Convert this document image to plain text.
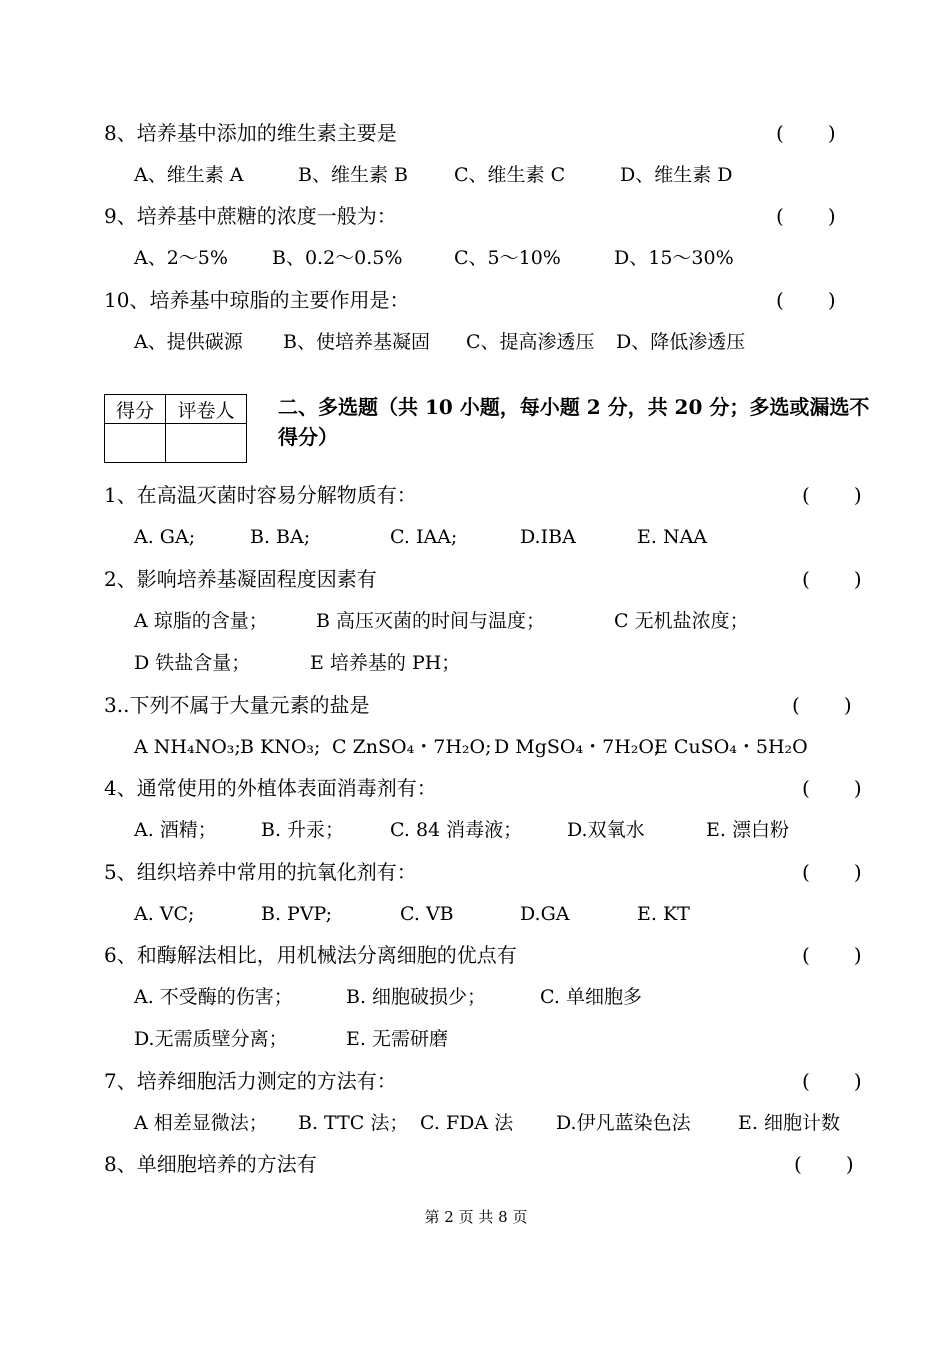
8、培养基中添加的维生素主要是	( )
A、维生素 A	B、维生素 B C、维生素 C	D、维生素 D
9、培养基中蔗糖的浓度一般为：	( )
A、2～5% B、0.2～0.5%	C、5～10%	D、15～30%
10、培养基中琼脂的主要作用是：	( )
A、提供碳源 B、使培养基凝固 C、提高渗透压 D、降低渗透压
得分	评卷人
	二、多选题（共 10 小题，每小题 2 分，共 20 分；多选或漏选不得分）
1、在高温灭菌时容易分解物质有：	( )
A. GA;	B. BA;	C. IAA;	D.IBA	E. NAA
2、影响培养基凝固程度因素有	( )
A 琼脂的含量；	B 高压灭菌的时间与温度；	C 无机盐浓度；
D 铁盐含量；	E 培养基的 PH；
3..下列不属于大量元素的盐是	( )
A NH₄NO₃; B KNO₃; C ZnSO₄・7H₂O; D MgSO₄・7H₂O;
E CuSO₄・5H₂O
4、通常使用的外植体表面消毒剂有：	( )
A. 酒精； B. 升汞； C. 84 消毒液； D.双氧水	E. 漂白粉
5、组织培养中常用的抗氧化剂有：	( )
A. VC;	B. PVP;	C. VB	D.GA	E. KT
6、和酶解法相比，用机械法分离细胞的优点有	( )
A. 不受酶的伤害；	B. 细胞破损少；	C. 单细胞多
D.无需质壁分离；	E. 无需研磨
7、培养细胞活力测定的方法有：	( )
A 相差显微法； B. TTC 法； C. FDA 法 D.伊凡蓝染色法 E. 细胞计数
8、单细胞培养的方法有	( )
第 2 页 共 8 页
